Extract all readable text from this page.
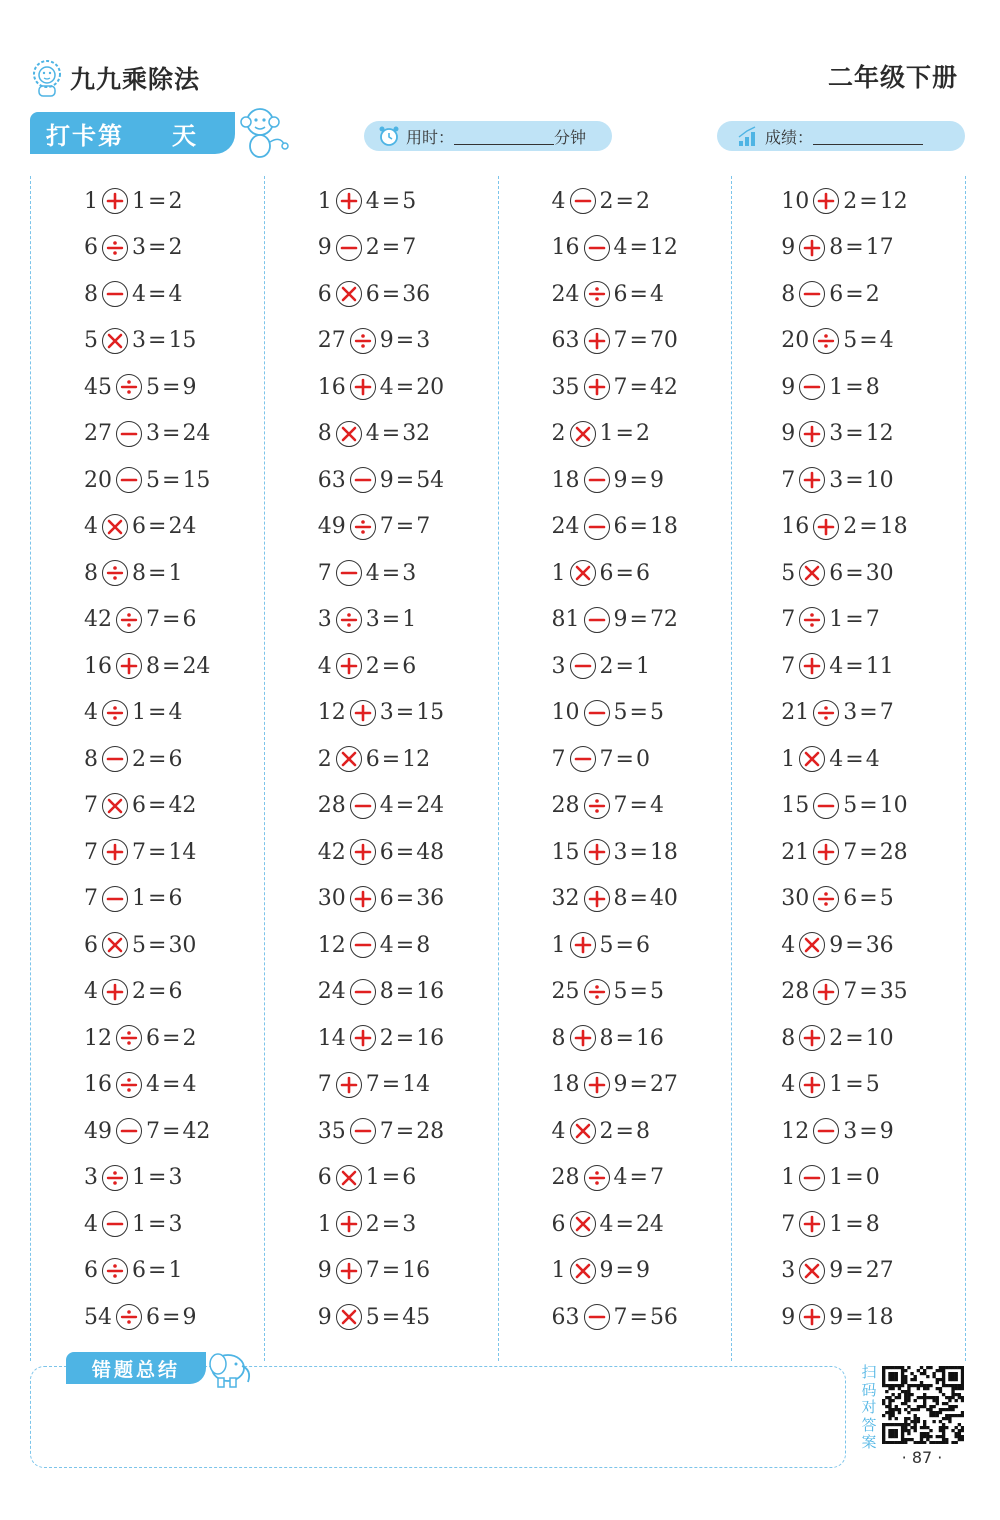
九九乘除法	二年级下册
打卡第 天	用时：	分钟	成绩：
1 1 = 2
6 3 = 2
8 4 = 4
5 3 = 15
45 5 = 9
27 3 = 24
20 5 = 15
4 6 = 24
8 8 = 1
42 7 = 6
16 8 = 24
4 1 = 4
8 2 = 6
7 6 = 42
7 7 = 14
7 1 = 6
6 5 = 30
4 2 = 6
12 6 = 2
16 4 = 4
49 7 = 42
3 1 = 3
4 1 = 3
6 6 = 1
54 6 = 9
1 4 = 5
9 2 = 7
6 6 = 36
27 9 = 3
16 4 = 20
8 4 = 32
63 9 = 54
49 7 = 7
7 4 = 3
3 3 = 1
4 2 = 6
12 3 = 15
2 6 = 12
28 4 = 24
42 6 = 48
30 6 = 36
12 4 = 8
24 8 = 16
14 2 = 16
7 7 = 14
35 7 = 28
6 1 = 6
1 2 = 3
9 7 = 16
9 5 = 45
4 2 = 2
16 4 = 12
24 6 = 4
63 7 = 70
35 7 = 42
2 1 = 2
18 9 = 9
24 6 = 18
1 6 = 6
81 9 = 72
3 2 = 1
10 5 = 5
7 7 = 0
28 7 = 4
15 3 = 18
32 8 = 40
1 5 = 6
25 5 = 5
8 8 = 16
18 9 = 27
4 2 = 8
28 4 = 7
6 4 = 24
1 9 = 9
63 7 = 56
10 2 = 12
9 8 = 17
8 6 = 2
20 5 = 4
9 1 = 8
9 3 = 12
7 3 = 10
16 2 = 18
5 6 = 30
7 1 = 7
7 4 = 11
21 3 = 7
1 4 = 4
15 5 = 10
21 7 = 28
30 6 = 5
4 9 = 36
28 7 = 35
8 2 = 10
4 1 = 5
12 3 = 9
1 1 = 0
7 1 = 8
3 9 = 27
9 9 = 18
错题总结	扫码对答案
· 87 ·
